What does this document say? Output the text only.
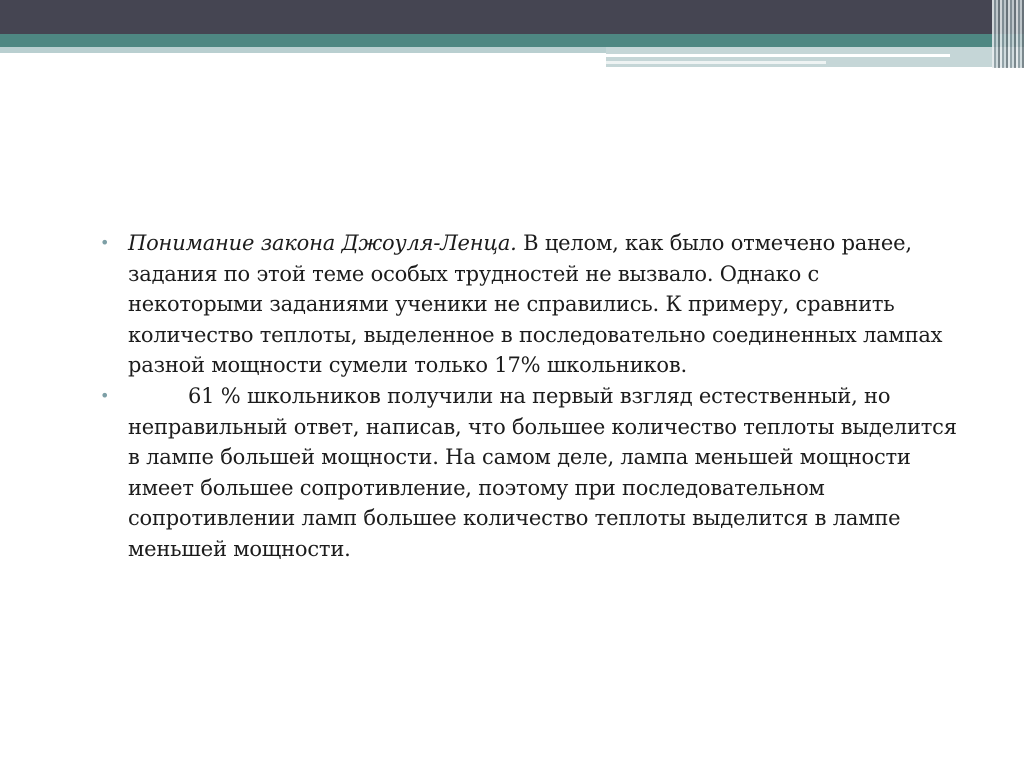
• Понимание закона Джоуля-Ленца. В целом, как было отмечено ранее, задания по этой теме особых трудностей не вызвало. Однако с некоторыми заданиями ученики не справились. К примеру, сравнить количество теплоты, выделенное в последовательно соединенных лампах разной мощности сумели только 17% школьников.

•	61 % школьников получили на первый взгляд естественный, но неправильный ответ, написав, что большее количество теплоты выделится в лампе большей мощности. На самом деле, лампа меньшей мощности имеет большее сопротивление, поэтому при последовательном сопротивлении ламп большее количество теплоты выделится в лампе меньшей мощности.
